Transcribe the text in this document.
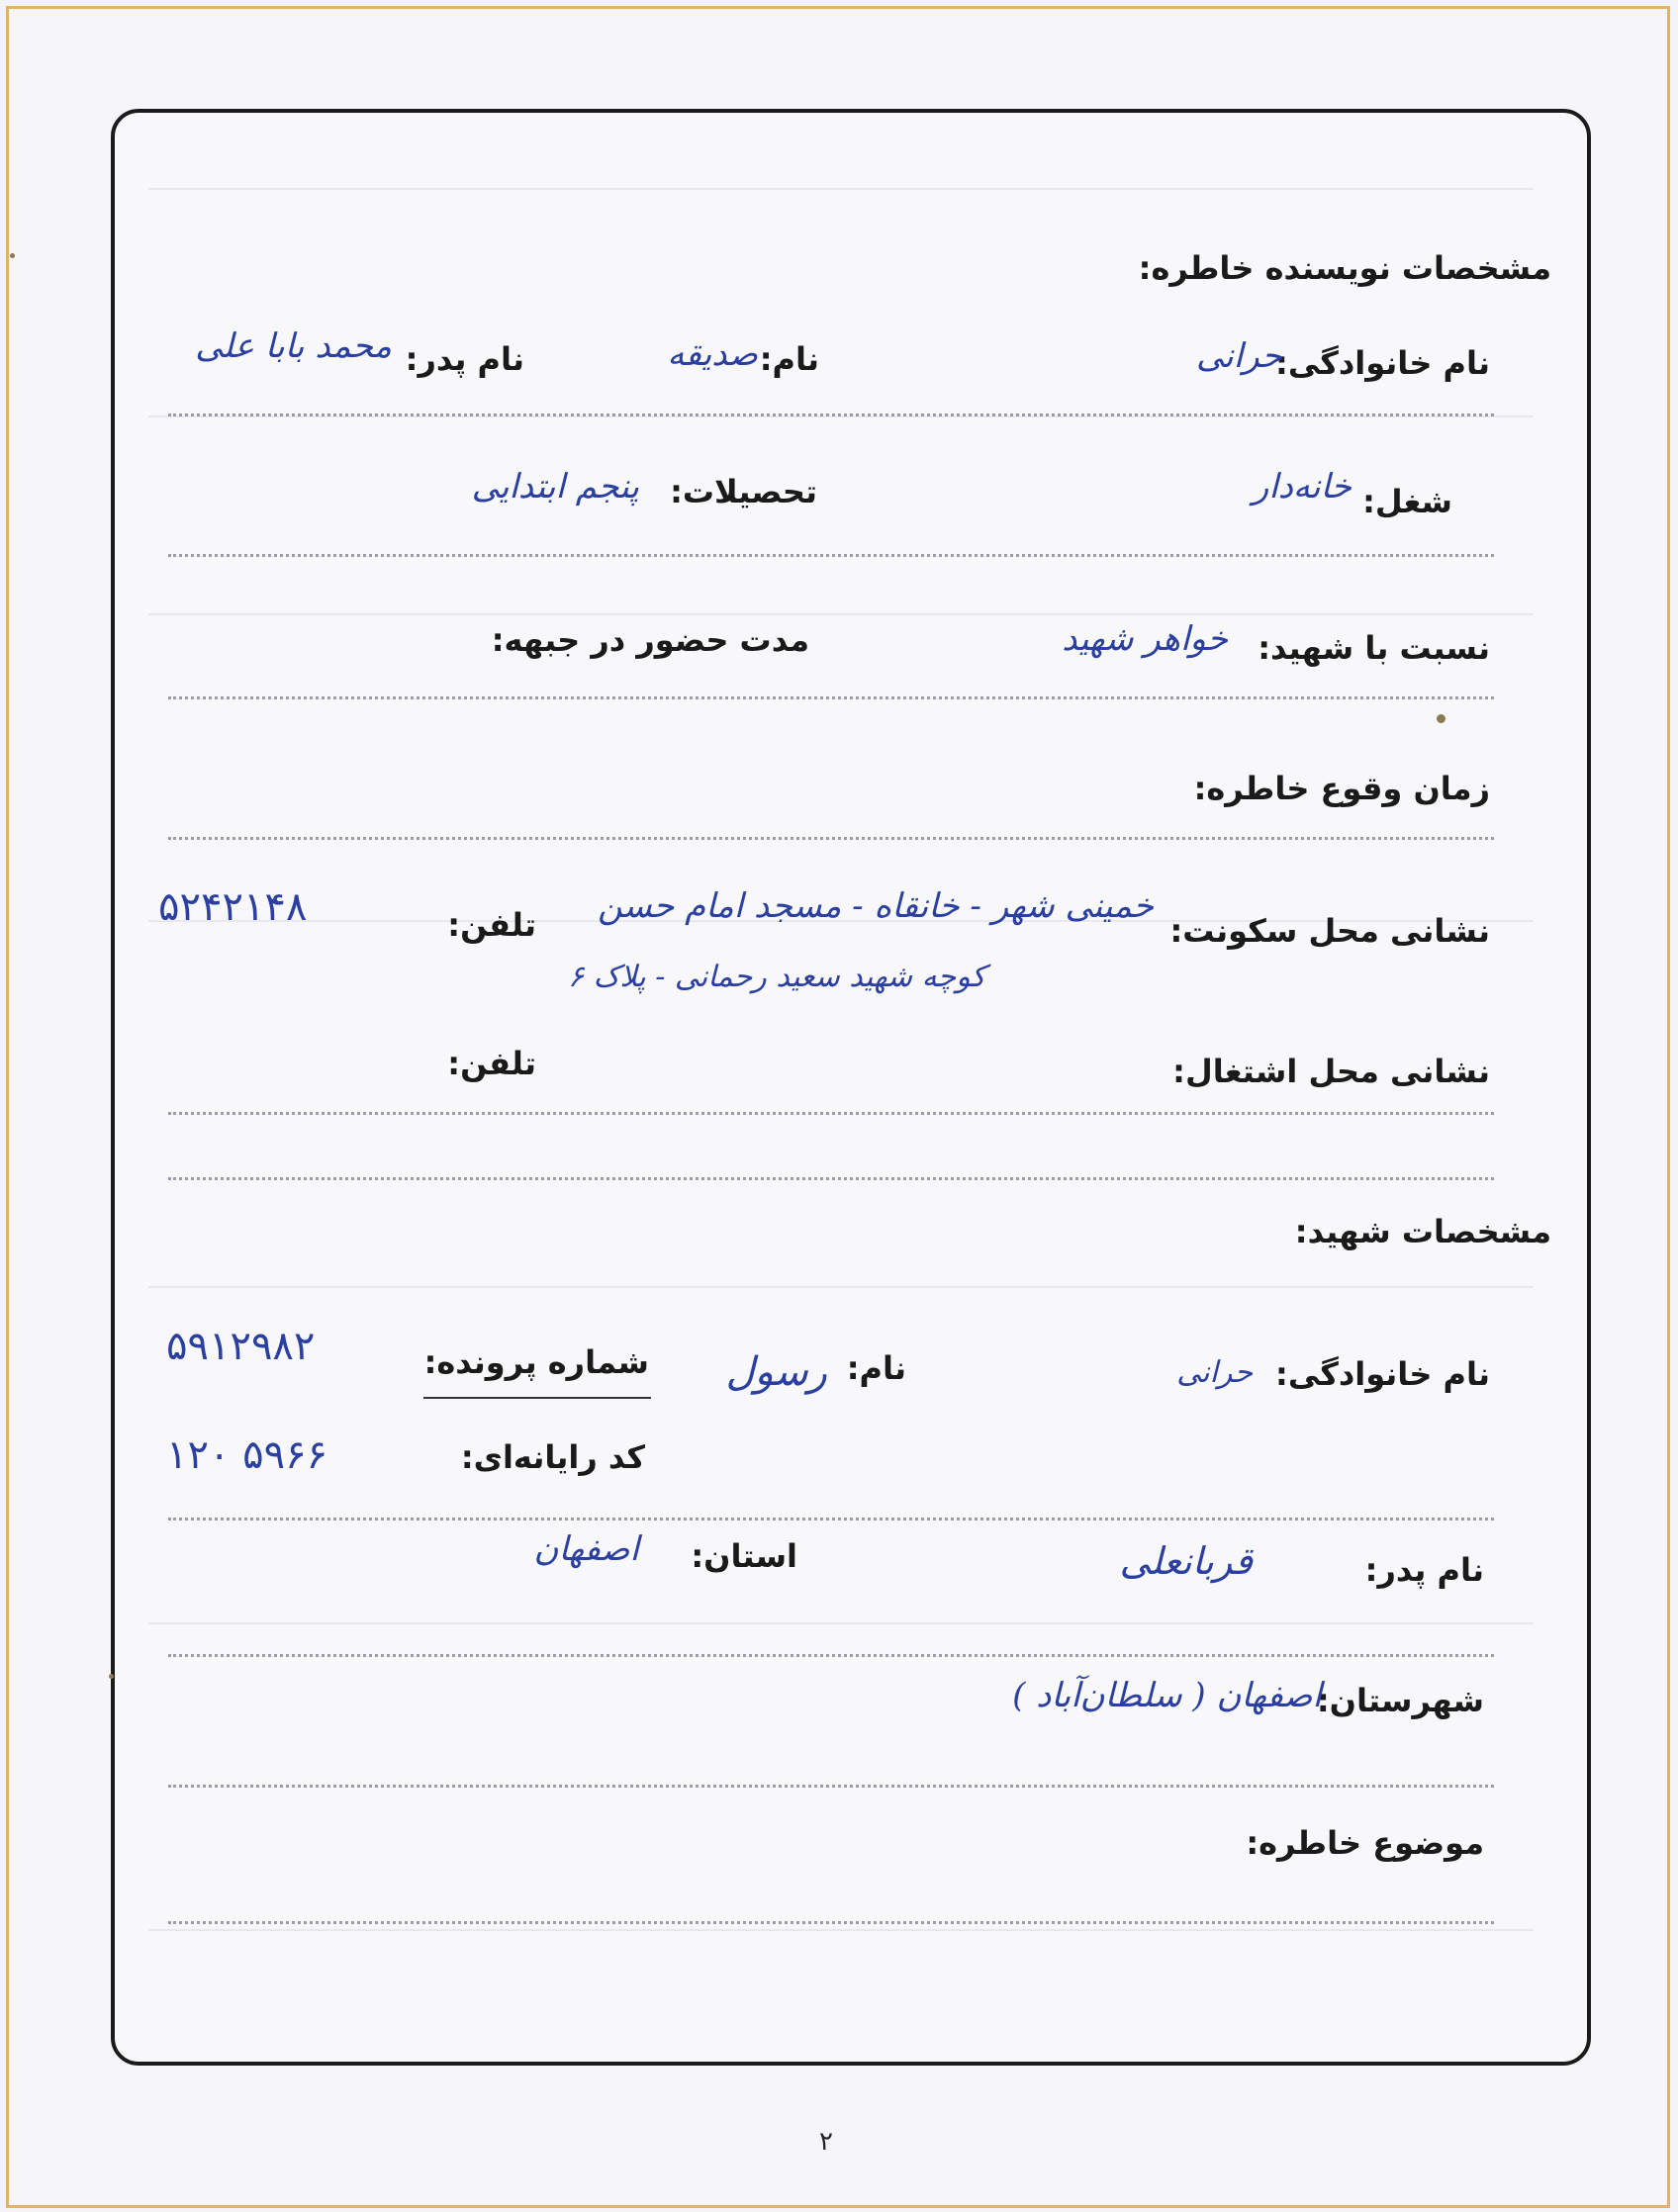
مشخصات نویسنده خاطره:
نام خانوادگی:
حرانی
نام:
صدیقه
نام پدر:
محمد بابا علی
شغل:
خانه‌دار
تحصیلات:
پنجم ابتدایی
نسبت با شهید:
خواهر شهید
مدت حضور در جبهه:
زمان وقوع خاطره:
نشانی محل سکونت:
خمینی شهر - خانقاه - مسجد امام حسن
کوچه شهید سعید رحمانی - پلاک ۶
تلفن:
۵۲۴۲۱۴۸
نشانی محل اشتغال:
تلفن:
مشخصات شهید:
نام خانوادگی:
حرانی
نام:
رسول
شماره پرونده:
۵۹۱۲۹۸۲
کد رایانه‌ای:
۱۲۰ ۵۹۶۶
نام پدر:
قربانعلی
استان:
اصفهان
شهرستان:
اصفهان ( سلطان‌آباد )
موضوع خاطره:
۲
